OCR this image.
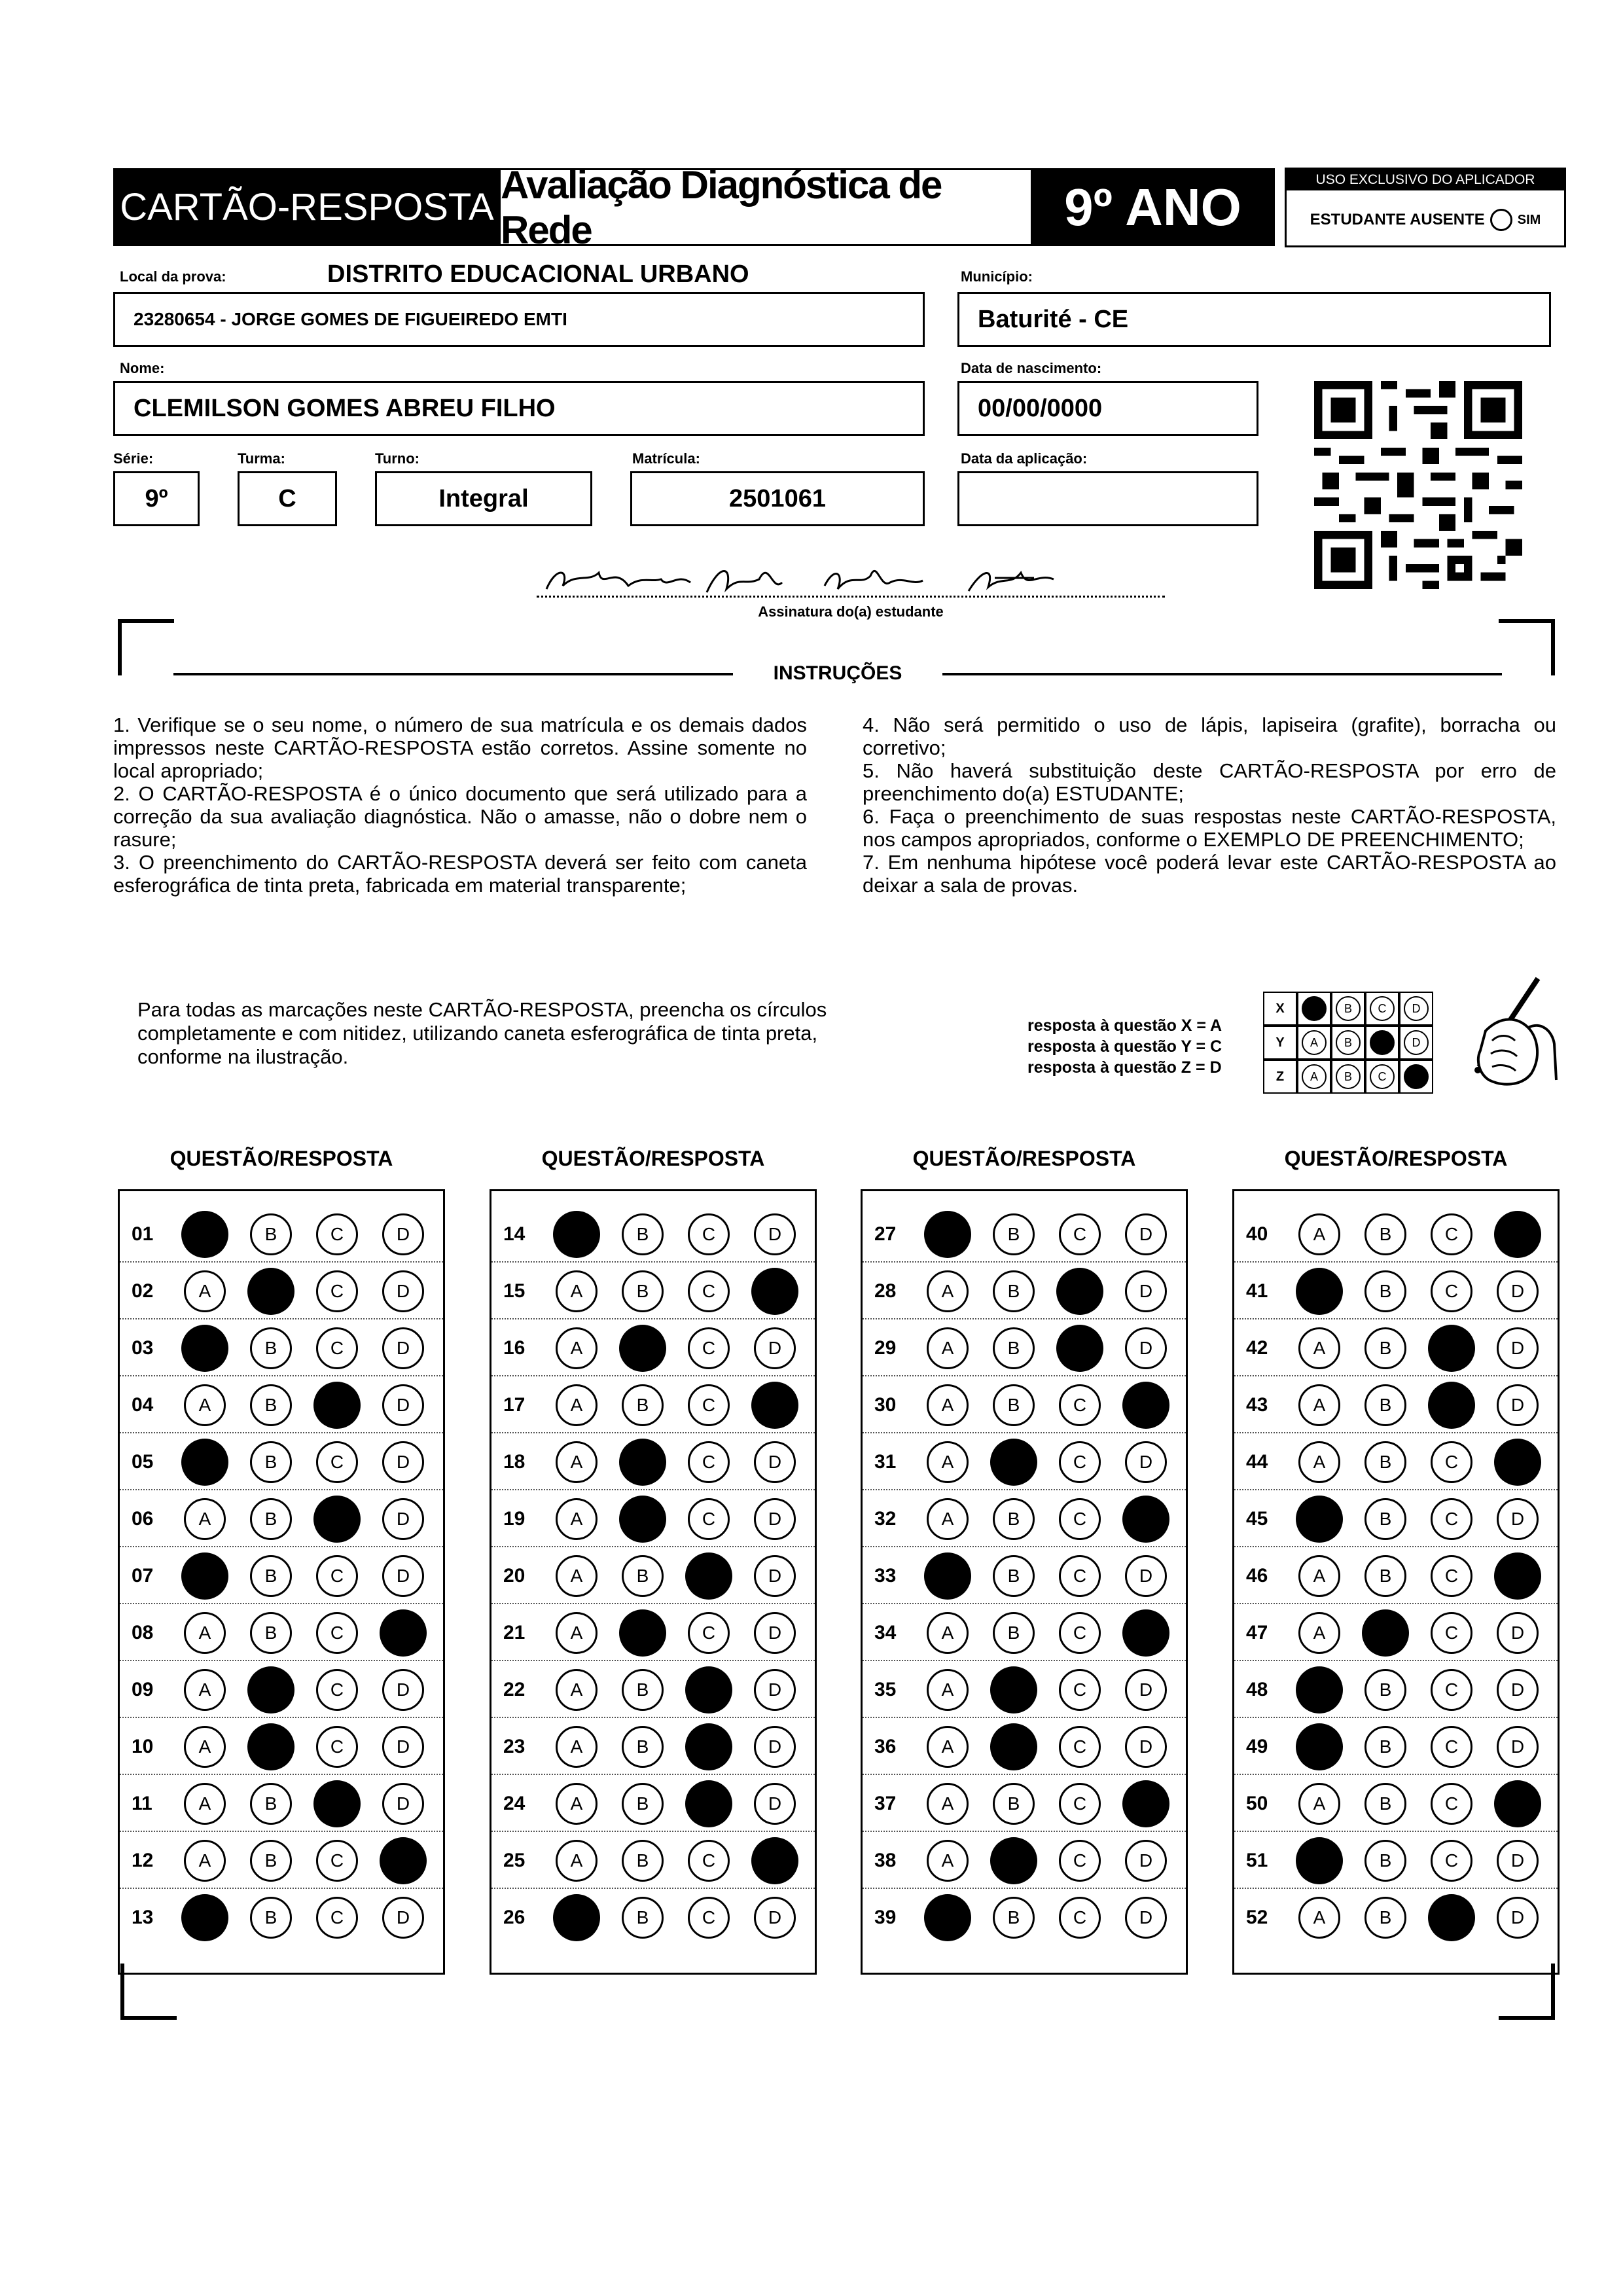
CARTÃO-RESPOSTA
Avaliação Diagnóstica de Rede	9º ANO	USO EXCLUSIVO DO APLICADOR
ESTUDANTE AUSENTE	SIM
Local da prova:	DISTRITO EDUCACIONAL URBANO
23280654 - JORGE GOMES DE FIGUEIREDO EMTI
Município:
Baturité - CE
Nome:
CLEMILSON GOMES ABREU FILHO
Data de nascimento:
00/00/0000
Série:
9º
Turma:
C
Turno:
Integral
Matrícula:
2501061
Data da aplicação:
Assinatura do(a) estudante
INSTRUÇÕES

1. Verifique se o seu nome, o número de sua matrícula e os demais dados impressos neste CARTÃO-RESPOSTA estão corretos. Assine somente no local apropriado;

2. O CARTÃO-RESPOSTA é o único documento que será utilizado para a correção da sua avaliação diagnóstica. Não o amasse, não o dobre nem o rasure;

3. O preenchimento do CARTÃO-RESPOSTA deverá ser feito com caneta esferográfica de tinta preta, fabricada em material transparente;

4. Não será permitido o uso de lápis, lapiseira (grafite), borracha ou corretivo;

5. Não haverá substituição deste CARTÃO-RESPOSTA por erro de preenchimento do(a) ESTUDANTE;

6. Faça o preenchimento de suas respostas neste CARTÃO-RESPOSTA, nos campos apropriados, conforme o EXEMPLO DE PREENCHIMENTO;

7. Em nenhuma hipótese você poderá levar este CARTÃO-RESPOSTA ao deixar a sala de provas.

Para todas as marcações neste CARTÃO-RESPOSTA, preencha os círculos completamente e com nitidez, utilizando caneta esferográfica de tinta preta, conforme na ilustração.
resposta à questão X = A
resposta à questão Y = C
resposta à questão Z = D
X	B	C	D
Y	A	B	D
Z	A	B	C
QUESTÃO/RESPOSTA
01	B	C	D
02	A	C	D
03	B	C	D
04	A	B	D
05	B	C	D
06	A	B	D
07	B	C	D
08	A	B	C
09	A	C	D
10	A	C	D
11	A	B	D
12	A	B	C
13	B	C	D
QUESTÃO/RESPOSTA
14	B	C	D
15	A	B	C
16	A	C	D
17	A	B	C
18	A	C	D
19	A	C	D
20	A	B	D
21	A	C	D
22	A	B	D
23	A	B	D
24	A	B	D
25	A	B	C
26	B	C	D
QUESTÃO/RESPOSTA
27	B	C	D
28	A	B	D
29	A	B	D
30	A	B	C
31	A	C	D
32	A	B	C
33	B	C	D
34	A	B	C
35	A	C	D
36	A	C	D
37	A	B	C
38	A	C	D
39	B	C	D
QUESTÃO/RESPOSTA
40	A	B	C
41	B	C	D
42	A	B	D
43	A	B	D
44	A	B	C
45	B	C	D
46	A	B	C
47	A	C	D
48	B	C	D
49	B	C	D
50	A	B	C
51	B	C	D
52	A	B	D
